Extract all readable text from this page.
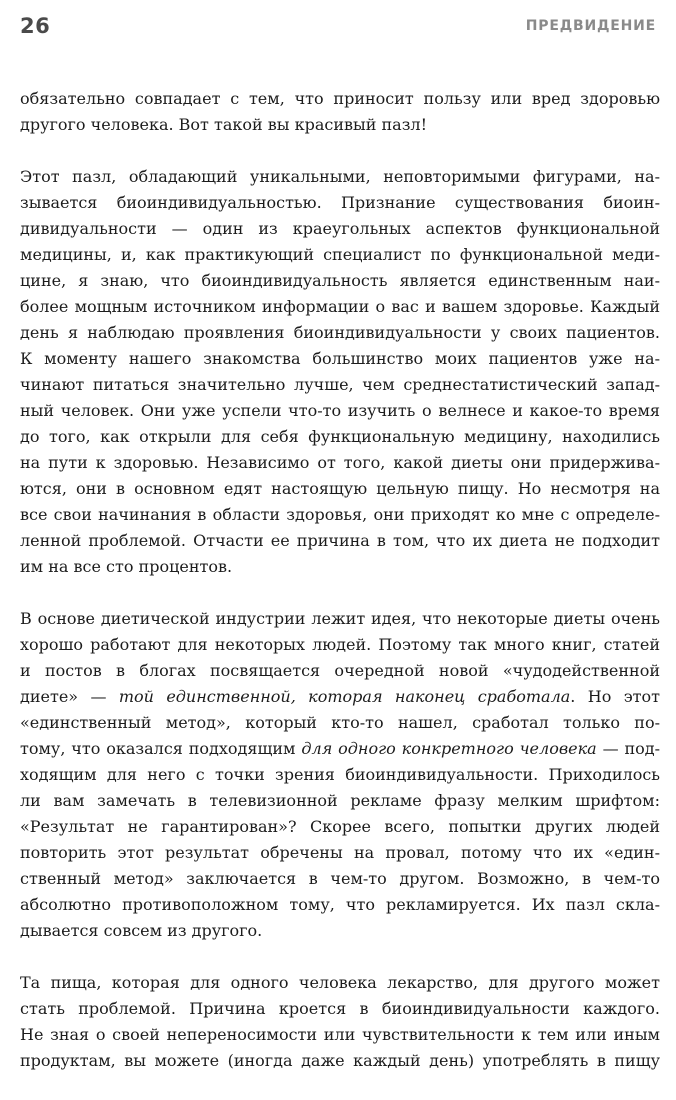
26	ПРЕДВИДЕНИЕ

обязательно совпадает с тем, что приносит пользу или вред здоровью
другого человека. Вот такой вы красивый пазл!

Этот пазл, обладающий уникальными, неповторимыми фигурами, на-
зывается биоиндивидуальностью. Признание существования биоин-
дивидуальности — один из краеугольных аспектов функциональной
медицины, и, как практикующий специалист по функциональной меди-
цине, я знаю, что биоиндивидуальность является единственным наи-
более мощным источником информации о вас и вашем здоровье. Каждый
день я наблюдаю проявления биоиндивидуальности у своих пациентов.
К моменту нашего знакомства большинство моих пациентов уже на-
чинают питаться значительно лучше, чем среднестатистический запад-
ный человек. Они уже успели что-то изучить о велнесе и какое-то время
до того, как открыли для себя функциональную медицину, находились
на пути к здоровью. Независимо от того, какой диеты они придержива-
ются, они в основном едят настоящую цельную пищу. Но несмотря на
все свои начинания в области здоровья, они приходят ко мне с определе-
ленной проблемой. Отчасти ее причина в том, что их диета не подходит
им на все сто процентов.

В основе диетической индустрии лежит идея, что некоторые диеты очень
хорошо работают для некоторых людей. Поэтому так много книг, статей
и постов в блогах посвящается очередной новой «чудодейственной
диете» — той единственной, которая наконец сработала. Но этот
«единственный метод», который кто-то нашел, сработал только по-
тому, что оказался подходящим для одного конкретного человека — под-
ходящим для него с точки зрения биоиндивидуальности. Приходилось
ли вам замечать в телевизионной рекламе фразу мелким шрифтом:
«Результат не гарантирован»? Скорее всего, попытки других людей
повторить этот результат обречены на провал, потому что их «един-
ственный метод» заключается в чем-то другом. Возможно, в чем-то
абсолютно противоположном тому, что рекламируется. Их пазл скла-
дывается совсем из другого.

Та пища, которая для одного человека лекарство, для другого может
стать проблемой. Причина кроется в биоиндивидуальности каждого.
Не зная о своей непереносимости или чувствительности к тем или иным
продуктам, вы можете (иногда даже каждый день) употреблять в пищу
